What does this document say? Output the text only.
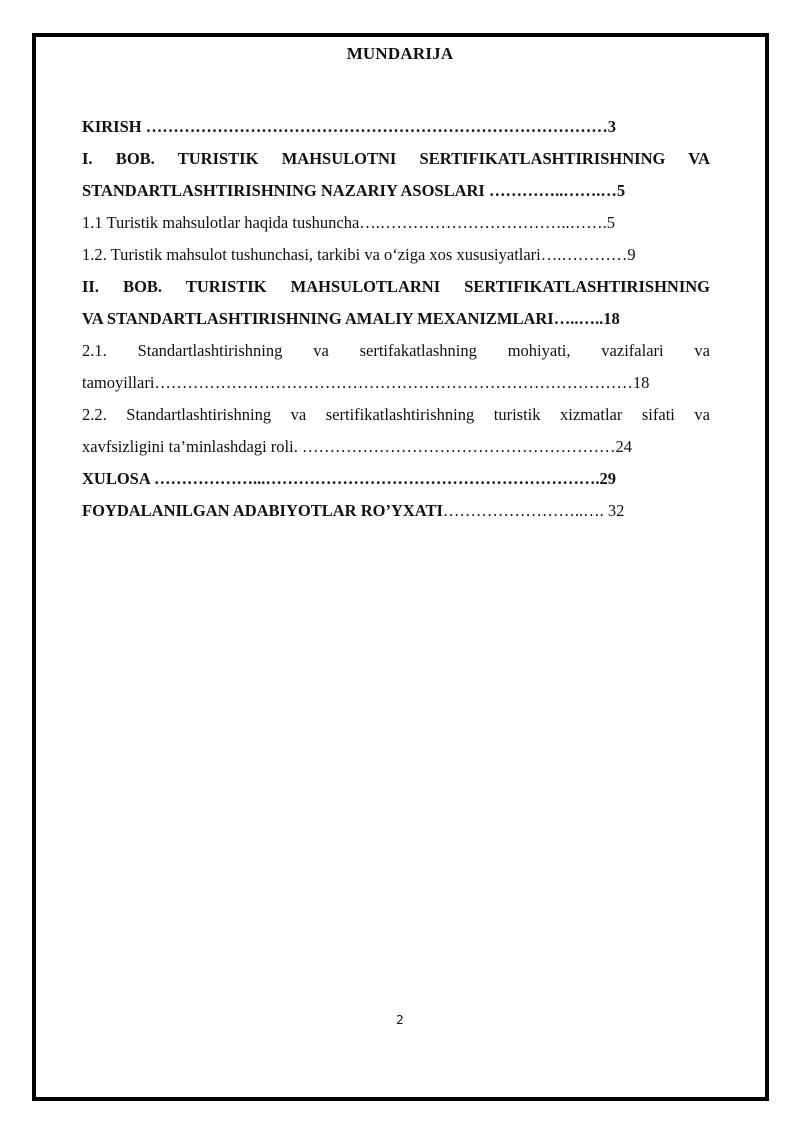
MUNDARIJA

KIRISH …………………………………………………………………………3

I. BOB. TURISTIK MAHSULOTNI SERTIFIKATLASHTIRISHNING VA

STANDARTLASHTIRISHNING NAZARIY ASOSLARI …………..…….…5

1.1 Turistik mahsulotlar haqida tushuncha….……………………………..…….5

1.2. Turistik mahsulot tushunchasi, tarkibi va o‘ziga xos xususiyatlari….…………9

II. BOB. TURISTIK MAHSULOTLARNI SERTIFIKATLASHTIRISHNING

VA STANDARTLASHTIRISHNING AMALIY MEXANIZMLARI…..…..18

2.1. Standartlashtirishning va sertifakatlashning mohiyati, vazifalari va

tamoyillari……………………………………………………………………………18

2.2. Standartlashtirishning va sertifikatlashtirishning turistik xizmatlar sifati va

xavfsizligini ta’minlashdagi roli. …………………………………………………24

XULOSA ………………...…………………………………………………….29

FOYDALANILGAN ADABIYOTLAR RO’YXATI……………………..…. 32

2
